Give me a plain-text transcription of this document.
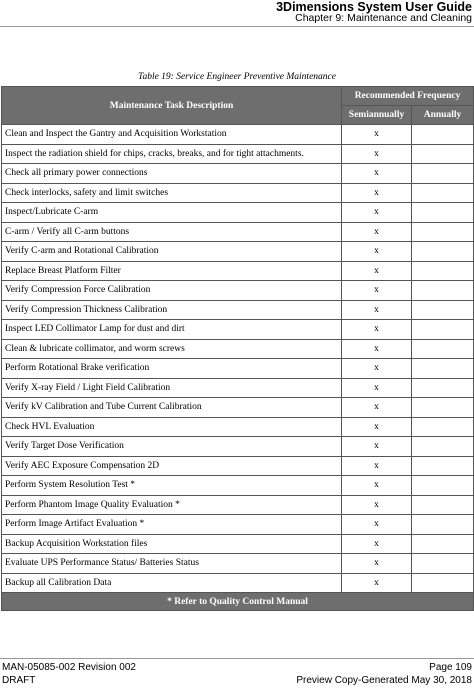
3Dimensions System User Guide
Chapter 9: Maintenance and Cleaning
Table 19: Service Engineer Preventive Maintenance
Maintenance Task Description	Recommended Frequency	
	Semiannually	Annually
Clean and Inspect the Gantry and Acquisition Workstation	x	
Inspect the radiation shield for chips, cracks, breaks, and for tight attachments.	x	
Check all primary power connections	x	
Check interlocks, safety and limit switches	x	
Inspect/Lubricate C-arm	x	
C-arm / Verify all C-arm buttons	x	
Verify C-arm and Rotational Calibration	x	
Replace Breast Platform Filter	x	
Verify Compression Force Calibration	x	
Verify Compression Thickness Calibration	x	
Inspect LED Collimator Lamp for dust and dirt	x	
Clean & lubricate collimator, and worm screws	x	
Perform Rotational Brake verification	x	
Verify X-ray Field / Light Field Calibration	x	
Verify kV Calibration and Tube Current Calibration	x	
Check HVL Evaluation	x	
Verify Target Dose Verification	x	
Verify AEC Exposure Compensation 2D	x	
Perform System Resolution Test *	x	
Perform Phantom Image Quality Evaluation *	x	
Perform Image Artifact Evaluation *	x	
Backup Acquisition Workstation files	x	
Evaluate UPS Performance Status/ Batteries Status	x	
Backup all Calibration Data	x	
* Refer to Quality Control Manual		
MAN-05085-002 Revision 002
DRAFT
Page 109
Preview Copy-Generated May 30, 2018
